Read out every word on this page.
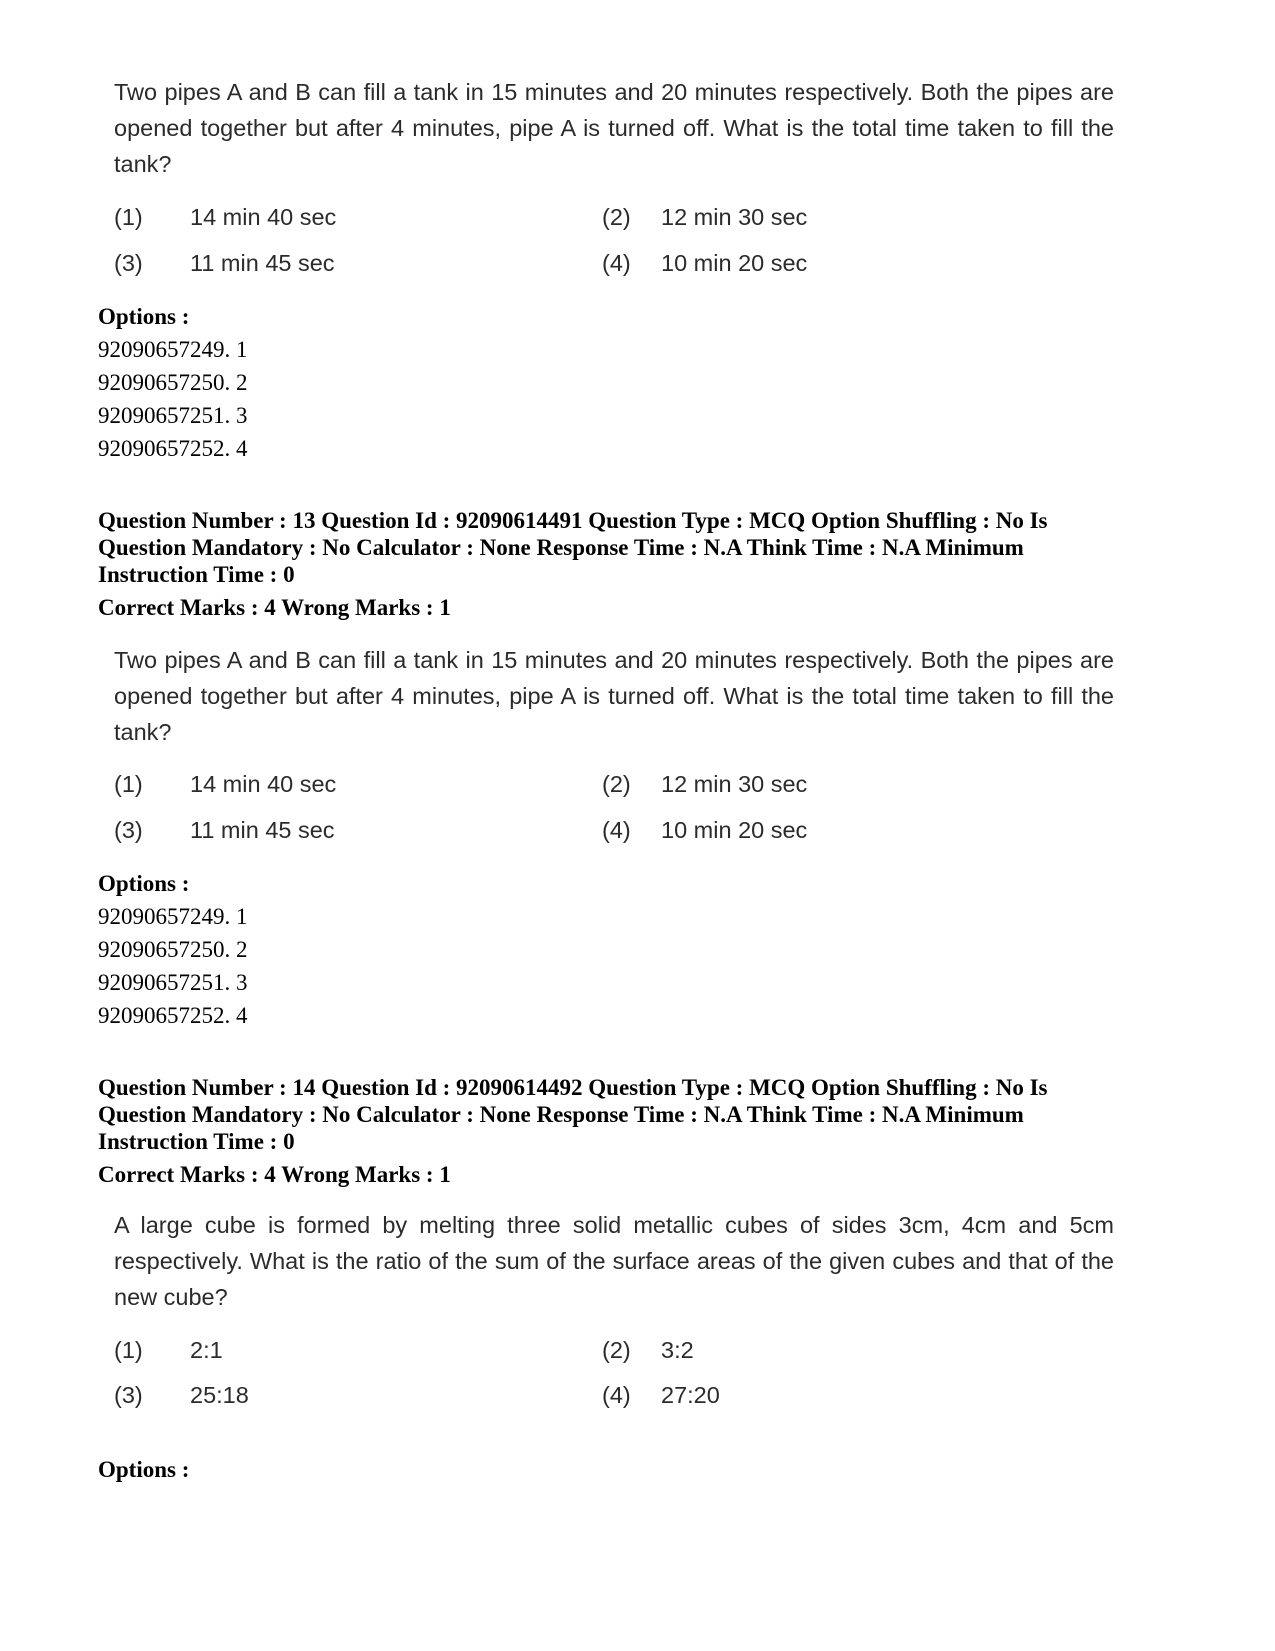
Two pipes A and B can fill a tank in 15 minutes and 20 minutes respectively. Both the pipes are opened together but after 4 minutes, pipe A is turned off. What is the total time taken to fill the tank?
(1) 14 min 40 sec	(2) 12 min 30 sec
(3) 11 min 45 sec	(4) 10 min 20 sec
Options :
92090657249. 1
92090657250. 2
92090657251. 3
92090657252. 4
Question Number : 13 Question Id : 92090614491 Question Type : MCQ Option Shuffling : No Is
Question Mandatory : No Calculator : None Response Time : N.A Think Time : N.A Minimum
Instruction Time : 0
Correct Marks : 4 Wrong Marks : 1
Two pipes A and B can fill a tank in 15 minutes and 20 minutes respectively. Both the pipes are opened together but after 4 minutes, pipe A is turned off. What is the total time taken to fill the tank?
(1) 14 min 40 sec	(2) 12 min 30 sec
(3) 11 min 45 sec	(4) 10 min 20 sec
Options :
92090657249. 1
92090657250. 2
92090657251. 3
92090657252. 4
Question Number : 14 Question Id : 92090614492 Question Type : MCQ Option Shuffling : No Is
Question Mandatory : No Calculator : None Response Time : N.A Think Time : N.A Minimum
Instruction Time : 0
Correct Marks : 4 Wrong Marks : 1
A large cube is formed by melting three solid metallic cubes of sides 3cm, 4cm and 5cm respectively. What is the ratio of the sum of the surface areas of the given cubes and that of the new cube?
(1) 2:1	(2) 3:2
(3) 25:18	(4) 27:20
Options :
